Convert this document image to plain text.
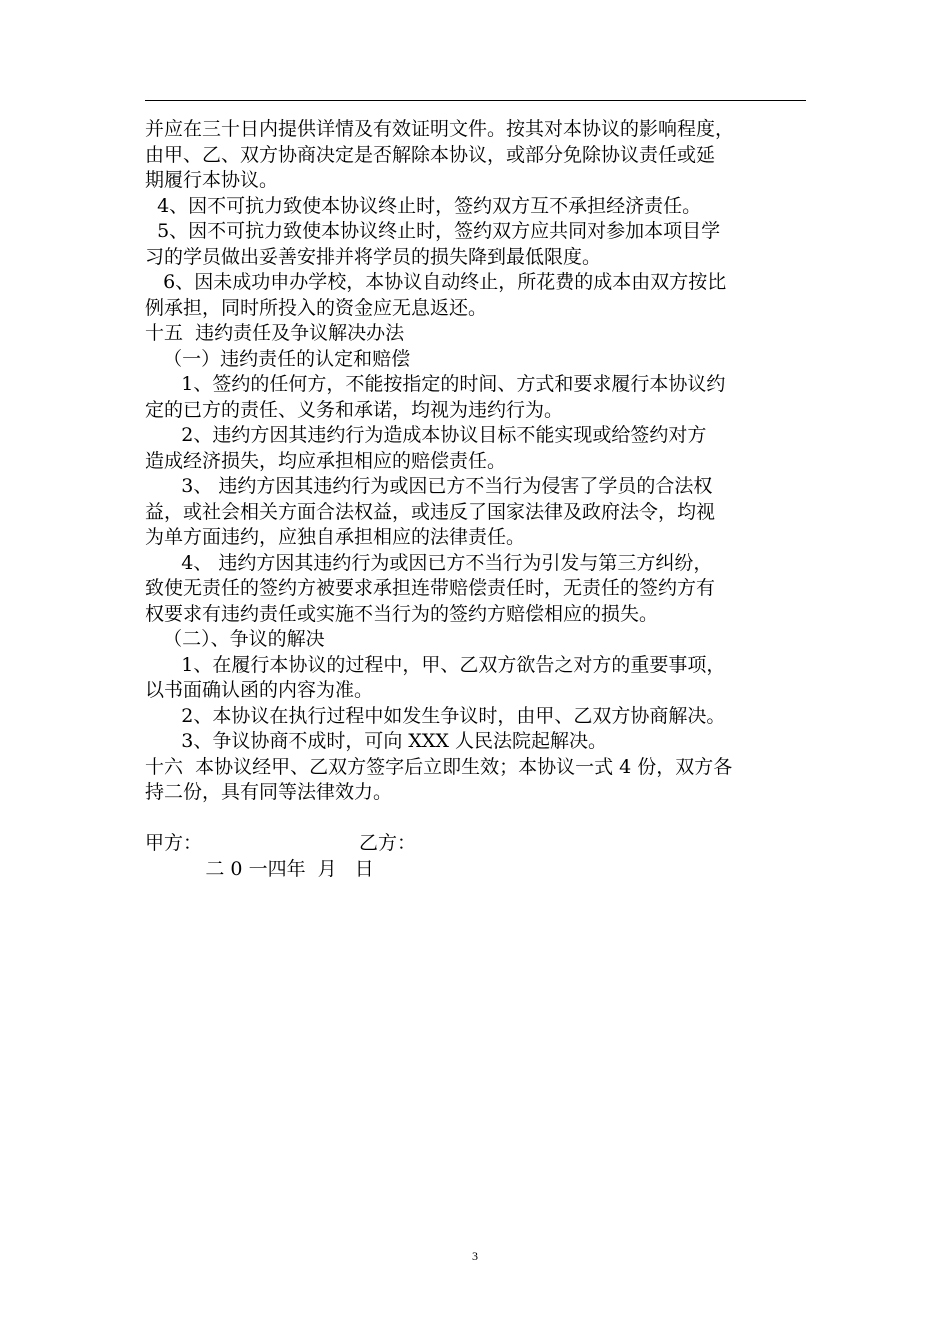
并应在三十日内提供详情及有效证明文件。按其对本协议的影响程度，
由甲、乙、双方协商决定是否解除本协议，或部分免除协议责任或延
期履行本协议。
4、因不可抗力致使本协议终止时，签约双方互不承担经济责任。
5、因不可抗力致使本协议终止时，签约双方应共同对参加本项目学
习的学员做出妥善安排并将学员的损失降到最低限度。
6、因未成功申办学校，本协议自动终止，所花费的成本由双方按比
例承担，同时所投入的资金应无息返还。
十五  违约责任及争议解决办法
（一）违约责任的认定和赔偿
1、签约的任何方，不能按指定的时间、方式和要求履行本协议约
定的已方的责任、义务和承诺，均视为违约行为。
2、违约方因其违约行为造成本协议目标不能实现或给签约对方
造成经济损失，均应承担相应的赔偿责任。
3、 违约方因其违约行为或因已方不当行为侵害了学员的合法权
益，或社会相关方面合法权益，或违反了国家法律及政府法令，均视
为单方面违约，应独自承担相应的法律责任。
4、 违约方因其违约行为或因已方不当行为引发与第三方纠纷，
致使无责任的签约方被要求承担连带赔偿责任时，无责任的签约方有
权要求有违约责任或实施不当行为的签约方赔偿相应的损失。
（二）、争议的解决
1、在履行本协议的过程中，甲、乙双方欲告之对方的重要事项，
以书面确认函的内容为准。
2、本协议在执行过程中如发生争议时，由甲、乙双方协商解决。
3、争议协商不成时，可向 XXX 人民法院起解决。
十六  本协议经甲、乙双方签字后立即生效；本协议一式 4 份，双方各
持二份，具有同等法律效力。
甲方：                          乙方：
二 0 一四年  月   日
3
